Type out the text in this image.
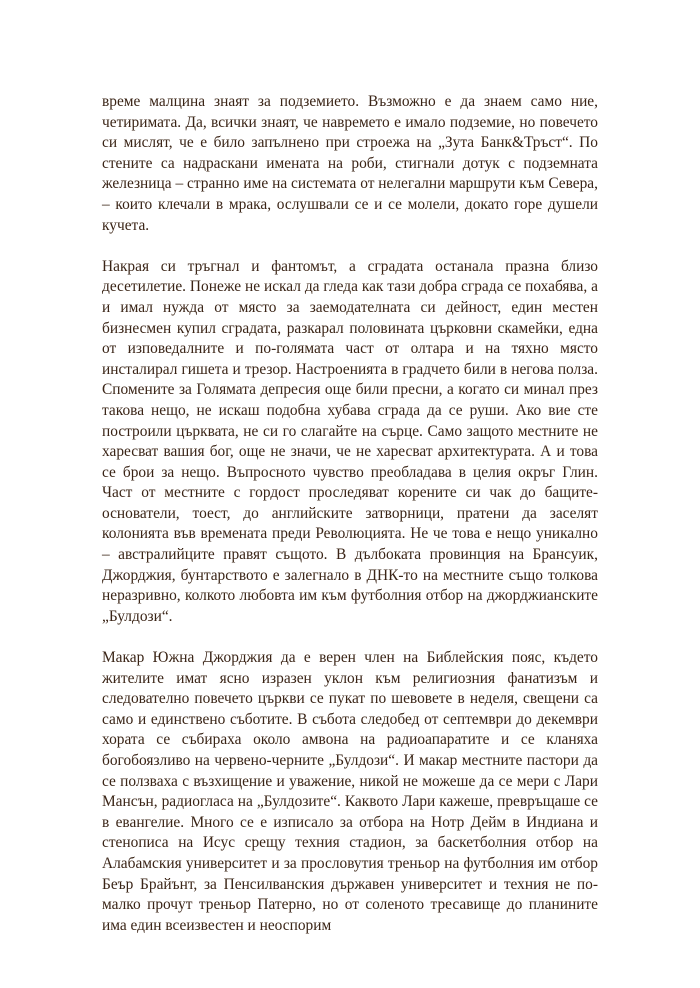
време малцина знаят за подземието. Възможно е да знаем само ние, четиримата. Да, всички знаят, че навремето е имало подземие, но повечето си мислят, че е било запълнено при строежа на „Зута Банк&Тръст“. По стените са надраскани имената на роби, стигнали дотук с подземната железница – странно име на системата от нелегални маршрути към Севера, – които клечали в мрака, ослушвали се и се молели, докато горе душели кучета.

Накрая си тръгнал и фантомът, а сградата останала празна близо десетилетие. Понеже не искал да гледа как тази добра сграда се похабява, а и имал нужда от място за заемодателната си дейност, един местен бизнесмен купил сградата, разкарал половината църковни скамейки, една от изповедалните и по-голямата част от олтара и на тяхно място инсталирал гишета и трезор. Настроенията в градчето били в негова полза. Спомените за Голямата депресия още били пресни, а когато си минал през такова нещо, не искаш подобна хубава сграда да се руши. Ако вие сте построили църквата, не си го слагайте на сърце. Само защото местните не харесват вашия бог, още не значи, че не харесват архитектурата. А и това се брои за нещо. Въпросното чувство преобладава в целия окръг Глин. Част от местните с гордост проследяват корените си чак до бащите-основатели, тоест, до английските затворници, пратени да заселят колонията във времената преди Революцията. Не че това е нещо уникално – австралийците правят същото. В дълбоката провинция на Брансуик, Джорджия, бунтарството е залегнало в ДНК-то на местните също толкова неразривно, колкото любовта им към футболния отбор на джорджианските „Булдози“.

Макар Южна Джорджия да е верен член на Библейския пояс, където жителите имат ясно изразен уклон към религиозния фанатизъм и следователно повечето църкви се пукат по шевовете в неделя, свещени са само и единствено съботите. В събота следобед от септември до декември хората се събираха около амвона на радиоапаратите и се кланяха богобоязливо на червено-черните „Булдози“. И макар местните пастори да се ползваха с възхищение и уважение, никой не можеше да се мери с Лари Мансън, радиогласа на „Булдозите“. Каквото Лари кажеше, превръщаше се в евангелие. Много се е изписало за отбора на Нотр Дейм в Индиана и стенописа на Исус срещу техния стадион, за баскетболния отбор на Алабамския университет и за прословутия треньор на футболния им отбор Беър Брайънт, за Пенсилванския държавен университет и техния не по-малко прочут треньор Патерно, но от соленото тресавище до планините има един всеизвестен и неоспорим
